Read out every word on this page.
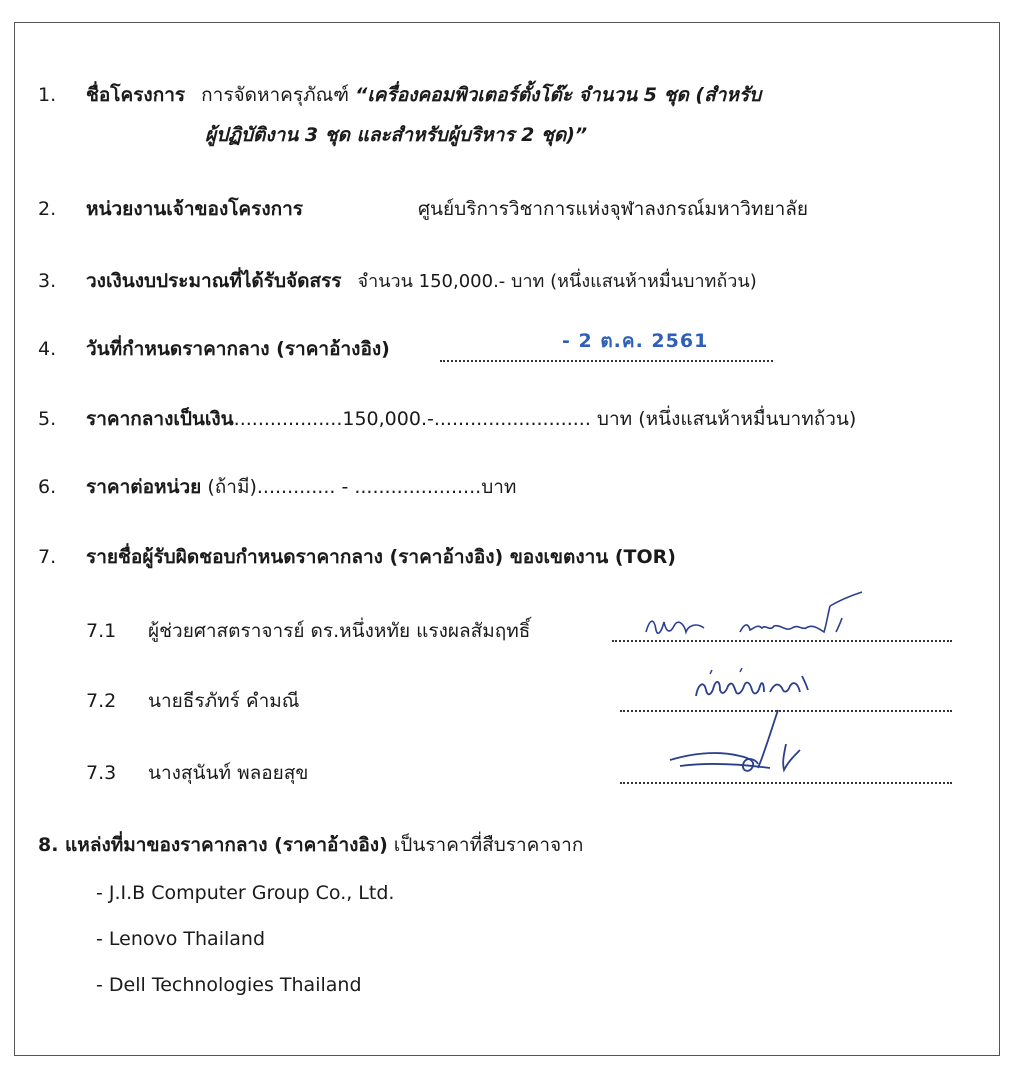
1. ชื่อโครงการ การจัดหาครุภัณฑ์ “เครื่องคอมพิวเตอร์ตั้งโต๊ะ จำนวน 5 ชุด (สำหรับ
ผู้ปฏิบัติงาน 3 ชุด และสำหรับผู้บริหาร 2 ชุด)”
2. หน่วยงานเจ้าของโครงการ	ศูนย์บริการวิชาการแห่งจุฬาลงกรณ์มหาวิทยาลัย
3. วงเงินงบประมาณที่ได้รับจัดสรร จำนวน 150,000.- บาท (หนึ่งแสนห้าหมื่นบาทถ้วน)
4. วันที่กำหนดราคากลาง (ราคาอ้างอิง)	- 2 ต.ค. 2561
5. ราคากลางเป็นเงิน..................150,000.-.......................... บาท (หนึ่งแสนห้าหมื่นบาทถ้วน)
6. ราคาต่อหน่วย (ถ้ามี)............. - .....................บาท
7. รายชื่อผู้รับผิดชอบกำหนดราคากลาง (ราคาอ้างอิง) ของเขตงาน (TOR)
7.1 ผู้ช่วยศาสตราจารย์ ดร.หนึ่งหทัย แรงผลสัมฤทธิ์
7.2 นายธีรภัทร์ คำมณี
7.3 นางสุนันท์ พลอยสุข
8. แหล่งที่มาของราคากลาง (ราคาอ้างอิง) เป็นราคาที่สืบราคาจาก
- J.I.B Computer Group Co., Ltd.
- Lenovo Thailand
- Dell Technologies Thailand
